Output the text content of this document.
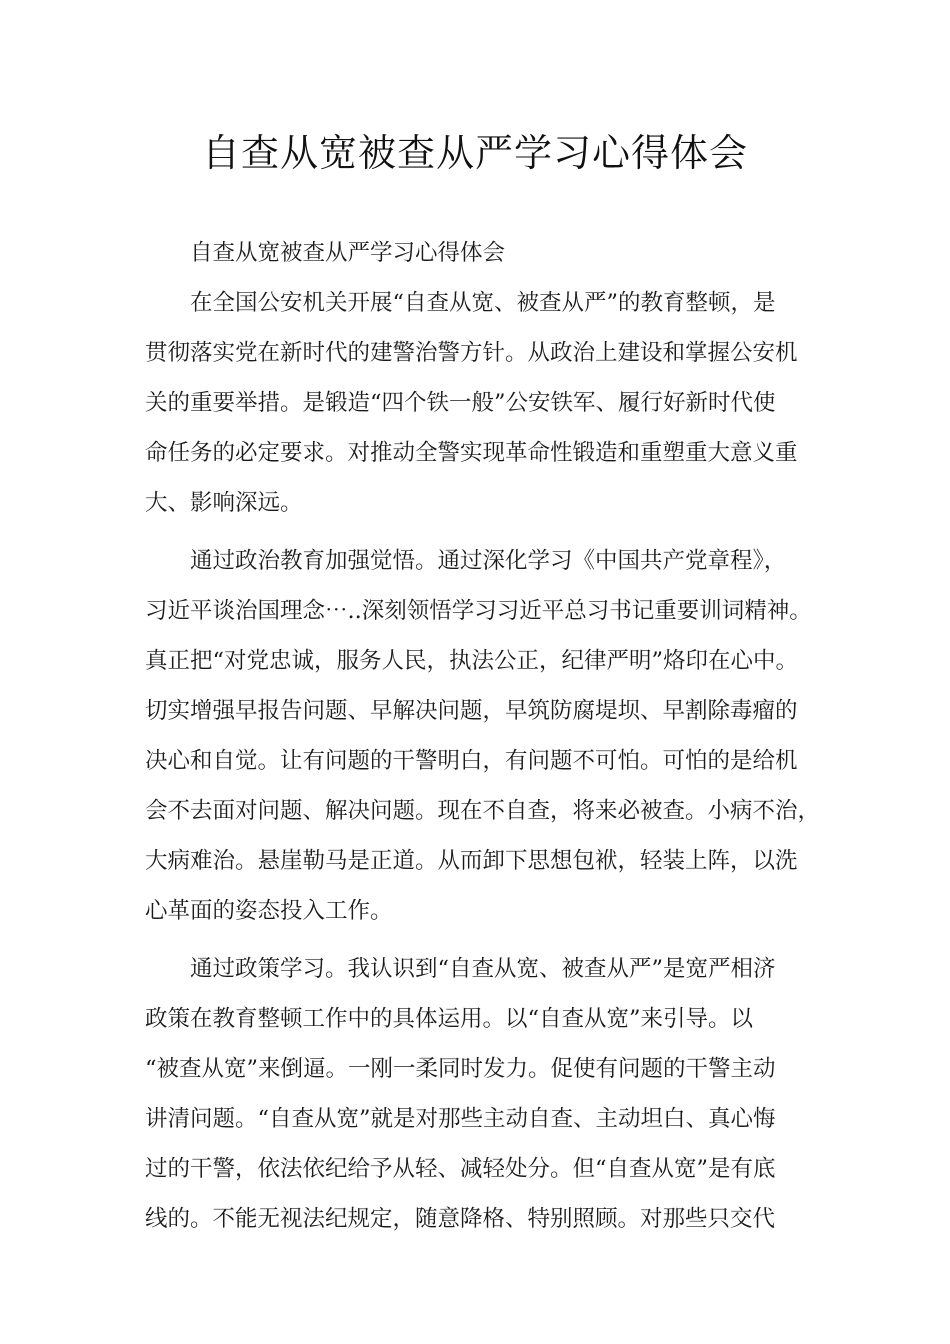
自查从宽被查从严学习心得体会
自查从宽被查从严学习心得体会
在全国公安机关开展“自查从宽、被查从严”的教育整顿，是
贯彻落实党在新时代的建警治警方针。从政治上建设和掌握公安机
关的重要举措。是锻造“四个铁一般”公安铁军、履行好新时代使
命任务的必定要求。对推动全警实现革命性锻造和重塑重大意义重
大、影响深远。
通过政治教育加强觉悟。通过深化学习《中国共产党章程》，
习近平谈治国理念⋯..深刻领悟学习习近平总习书记重要训词精神。
真正把“对党忠诚，服务人民，执法公正，纪律严明”烙印在心中。
切实增强早报告问题、早解决问题，早筑防腐堤坝、早割除毒瘤的
决心和自觉。让有问题的干警明白，有问题不可怕。可怕的是给机
会不去面对问题、解决问题。现在不自查，将来必被查。小病不治，
大病难治。悬崖勒马是正道。从而卸下思想包袱，轻装上阵，以洗
心革面的姿态投入工作。
通过政策学习。我认识到“自查从宽、被查从严”是宽严相济
政策在教育整顿工作中的具体运用。以“自查从宽”来引导。以
“被查从宽”来倒逼。一刚一柔同时发力。促使有问题的干警主动
讲清问题。“自查从宽”就是对那些主动自查、主动坦白、真心悔
过的干警，依法依纪给予从轻、减轻处分。但“自查从宽”是有底
线的。不能无视法纪规定，随意降格、特别照顾。对那些只交代
